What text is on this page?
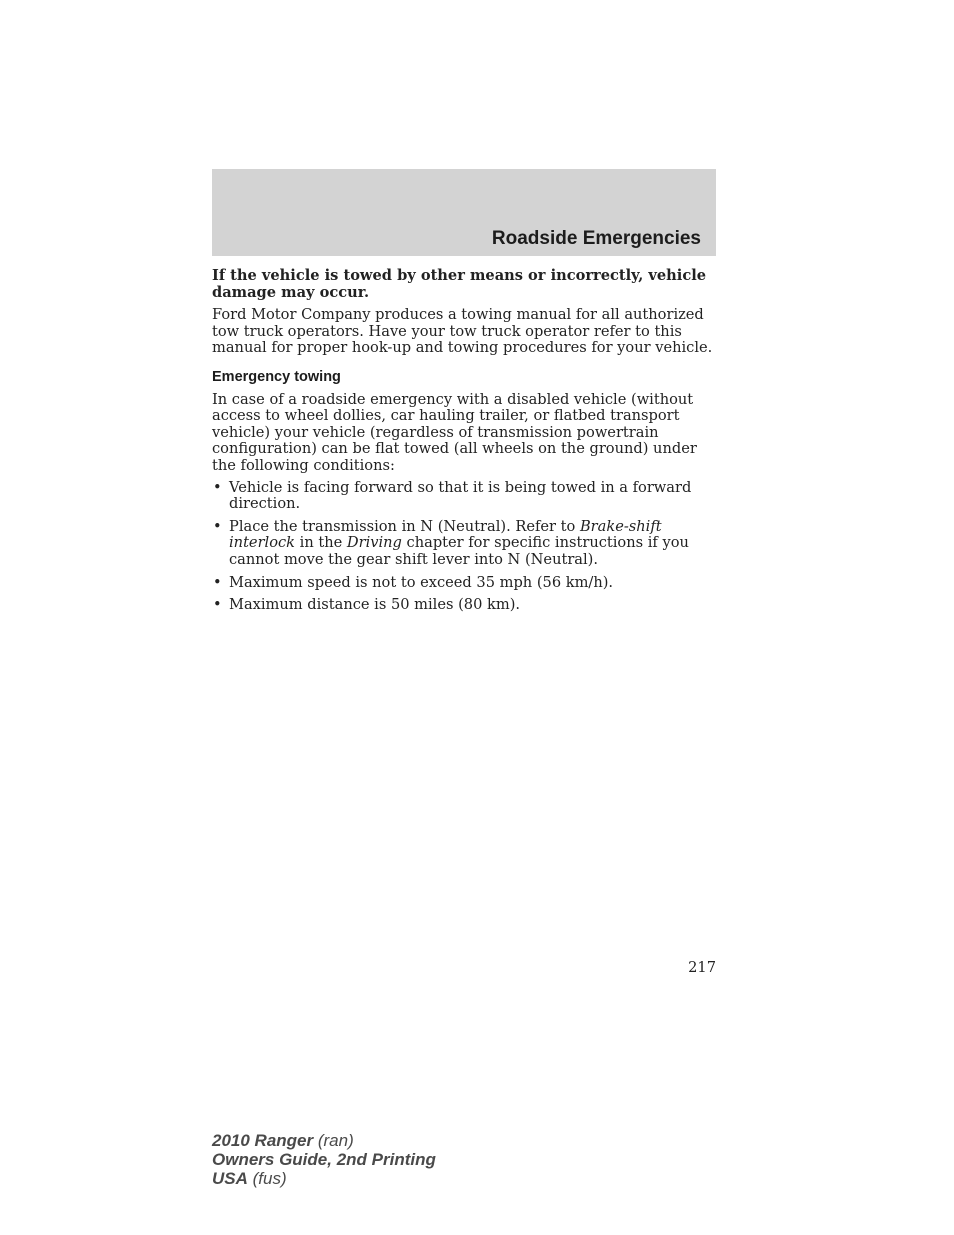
Roadside Emergencies

If the vehicle is towed by other means or incorrectly, vehicle damage may occur.

Ford Motor Company produces a towing manual for all authorized tow truck operators. Have your tow truck operator refer to this manual for proper hook-up and towing procedures for your vehicle.

Emergency towing

In case of a roadside emergency with a disabled vehicle (without access to wheel dollies, car hauling trailer, or flatbed transport vehicle) your vehicle (regardless of transmission powertrain configuration) can be flat towed (all wheels on the ground) under the following conditions:

• Vehicle is facing forward so that it is being towed in a forward direction.
• Place the transmission in N (Neutral). Refer to Brake-shift interlock in the Driving chapter for specific instructions if you cannot move the gear shift lever into N (Neutral).
• Maximum speed is not to exceed 35 mph (56 km/h).
• Maximum distance is 50 miles (80 km).
217
2010 Ranger (ran)
Owners Guide, 2nd Printing
USA (fus)
